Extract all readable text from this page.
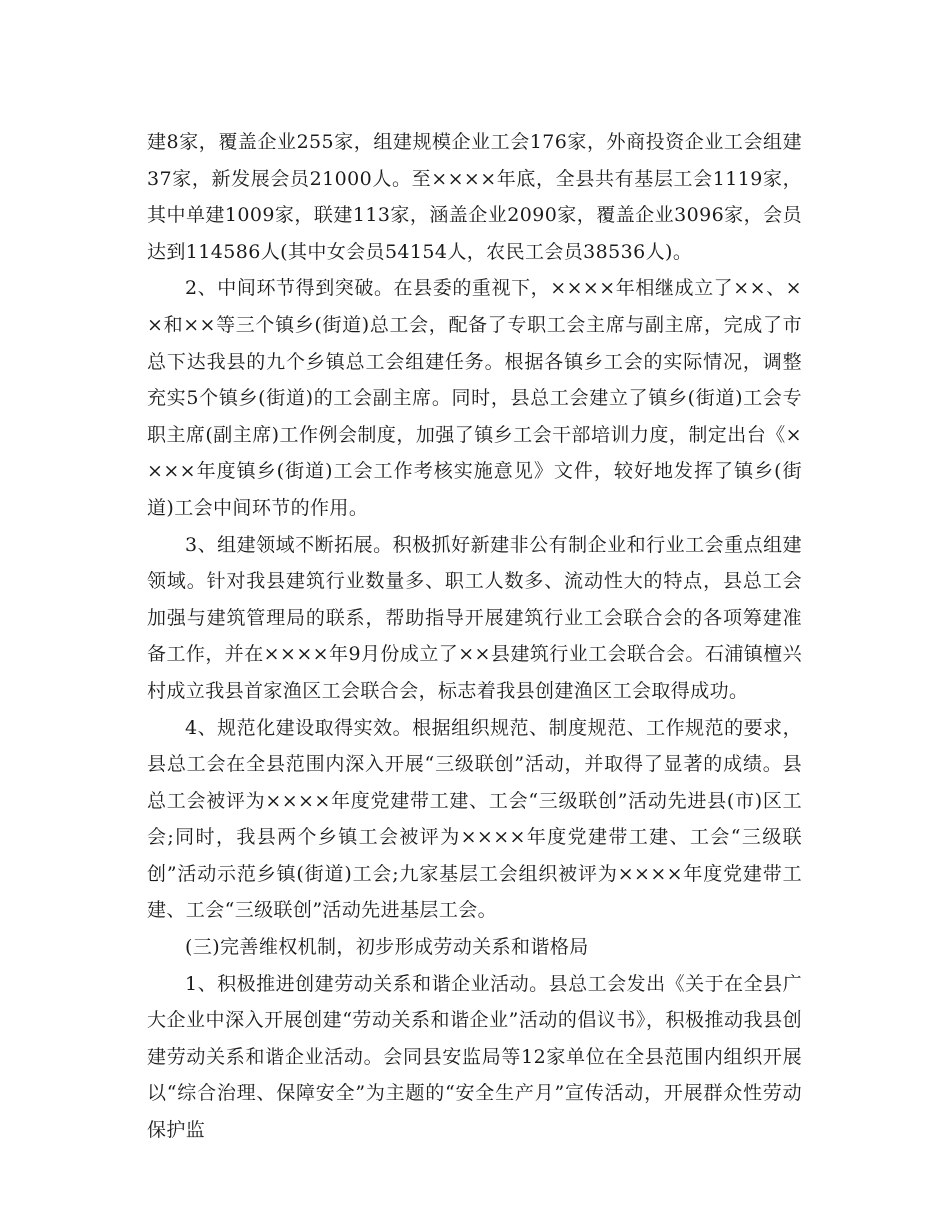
建8家，覆盖企业255家，组建规模企业工会176家，外商投资企业工会组建37家，新发展会员21000人。至××××年底，全县共有基层工会1119家，其中单建1009家，联建113家，涵盖企业2090家，覆盖企业3096家，会员达到114586人(其中女会员54154人，农民工会员38536人)。

2、中间环节得到突破。在县委的重视下，××××年相继成立了××、××和××等三个镇乡(街道)总工会，配备了专职工会主席与副主席，完成了市总下达我县的九个乡镇总工会组建任务。根据各镇乡工会的实际情况，调整充实5个镇乡(街道)的工会副主席。同时，县总工会建立了镇乡(街道)工会专职主席(副主席)工作例会制度，加强了镇乡工会干部培训力度，制定出台《××××年度镇乡(街道)工会工作考核实施意见》文件，较好地发挥了镇乡(街道)工会中间环节的作用。

3、组建领域不断拓展。积极抓好新建非公有制企业和行业工会重点组建领域。针对我县建筑行业数量多、职工人数多、流动性大的特点，县总工会加强与建筑管理局的联系，帮助指导开展建筑行业工会联合会的各项筹建准备工作，并在××××年9月份成立了××县建筑行业工会联合会。石浦镇檀兴村成立我县首家渔区工会联合会，标志着我县创建渔区工会取得成功。

4、规范化建设取得实效。根据组织规范、制度规范、工作规范的要求，县总工会在全县范围内深入开展“三级联创”活动，并取得了显著的成绩。县总工会被评为××××年度党建带工建、工会“三级联创”活动先进县(市)区工会;同时，我县两个乡镇工会被评为××××年度党建带工建、工会“三级联创”活动示范乡镇(街道)工会;九家基层工会组织被评为××××年度党建带工建、工会“三级联创”活动先进基层工会。

(三)完善维权机制，初步形成劳动关系和谐格局

1、积极推进创建劳动关系和谐企业活动。县总工会发出《关于在全县广大企业中深入开展创建“劳动关系和谐企业”活动的倡议书》，积极推动我县创建劳动关系和谐企业活动。会同县安监局等12家单位在全县范围内组织开展以“综合治理、保障安全”为主题的“安全生产月”宣传活动，开展群众性劳动保护监
